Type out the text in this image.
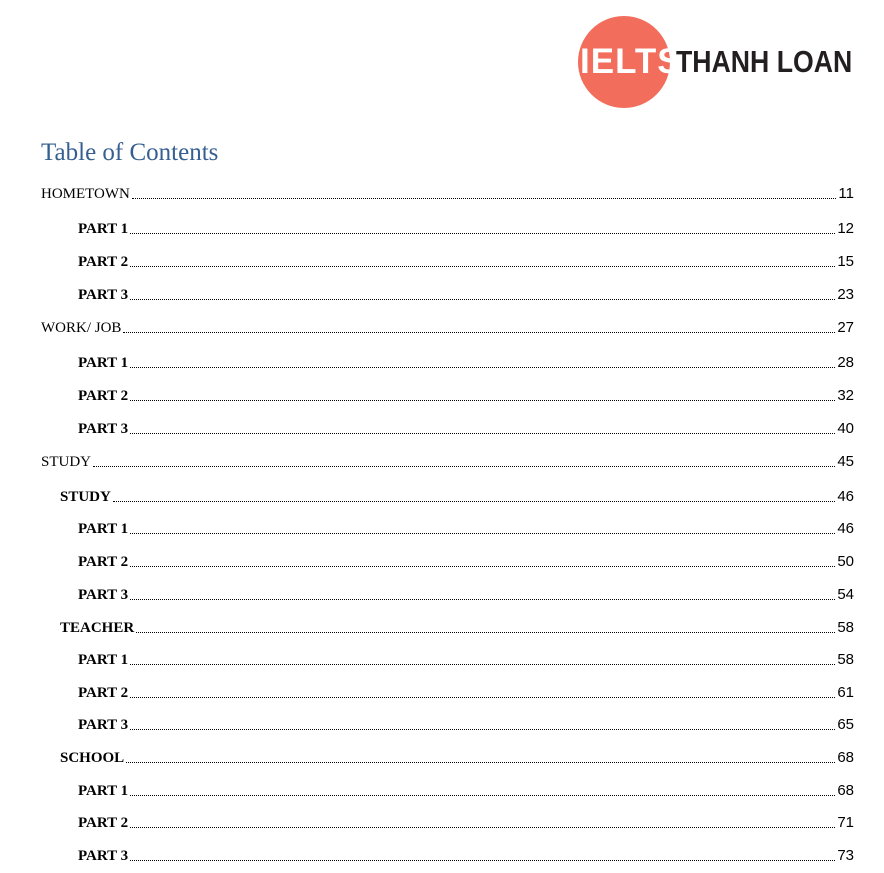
IELTS
THANH LOAN
Table of Contents
HOMETOWN	11
PART 1	12
PART 2	15
PART 3	23
WORK/ JOB	27
PART 1	28
PART 2	32
PART 3	40
STUDY	45
STUDY	46
PART 1	46
PART 2	50
PART 3	54
TEACHER	58
PART 1	58
PART 2	61
PART 3	65
SCHOOL	68
PART 1	68
PART 2	71
PART 3	73
